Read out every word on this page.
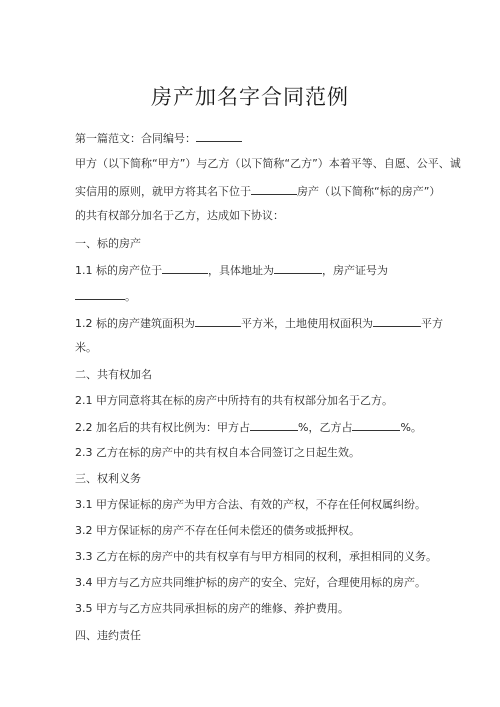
房产加名字合同范例
第一篇范文：合同编号：
甲方（以下简称“甲方”）与乙方（以下简称“乙方”）本着平等、自愿、公平、诚
实信用的原则，就甲方将其名下位于	房产（以下简称“标的房产”）
的共有权部分加名于乙方，达成如下协议：
一、标的房产
1.1 标的房产位于	，具体地址为	，房产证号为
。
1.2 标的房产建筑面积为	平方米，土地使用权面积为	平方
米。
二、共有权加名
2.1 甲方同意将其在标的房产中所持有的共有权部分加名于乙方。
2.2 加名后的共有权比例为：甲方占	%，乙方占	%。
2.3 乙方在标的房产中的共有权自本合同签订之日起生效。
三、权利义务
3.1 甲方保证标的房产为甲方合法、有效的产权，不存在任何权属纠纷。
3.2 甲方保证标的房产不存在任何未偿还的债务或抵押权。
3.3 乙方在标的房产中的共有权享有与甲方相同的权利，承担相同的义务。
3.4 甲方与乙方应共同维护标的房产的安全、完好，合理使用标的房产。
3.5 甲方与乙方应共同承担标的房产的维修、养护费用。
四、违约责任
